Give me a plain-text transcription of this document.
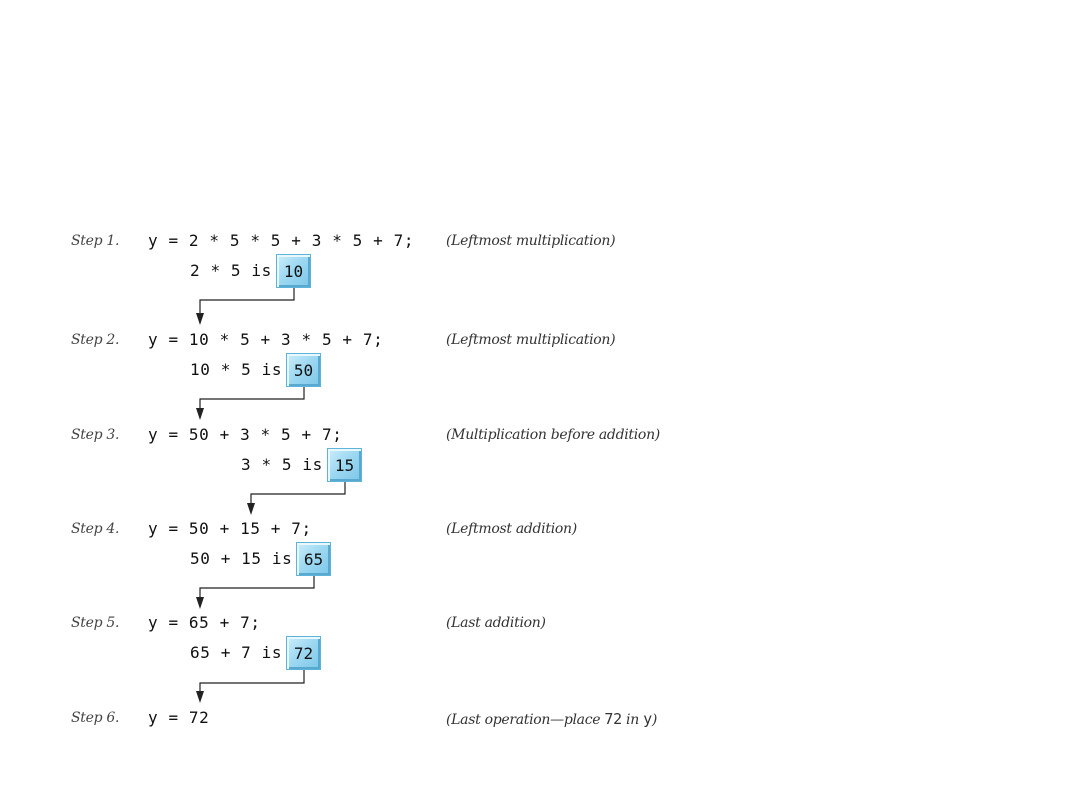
Step 1. y = 2 * 5 * 5 + 3 * 5 + 7; (Leftmost multiplication)
2 * 5 is 10
Step 2. y = 10 * 5 + 3 * 5 + 7;	(Leftmost multiplication)
10 * 5 is 50
Step 3. y = 50 + 3 * 5 + 7;	(Multiplication before addition)
3 * 5 is 15
Step 4. y = 50 + 15 + 7;	(Leftmost addition)
50 + 15 is 65
Step 5. y = 65 + 7;	(Last addition)
65 + 7 is 72
Step 6. y = 72	(Last operation—place 72 in y)
